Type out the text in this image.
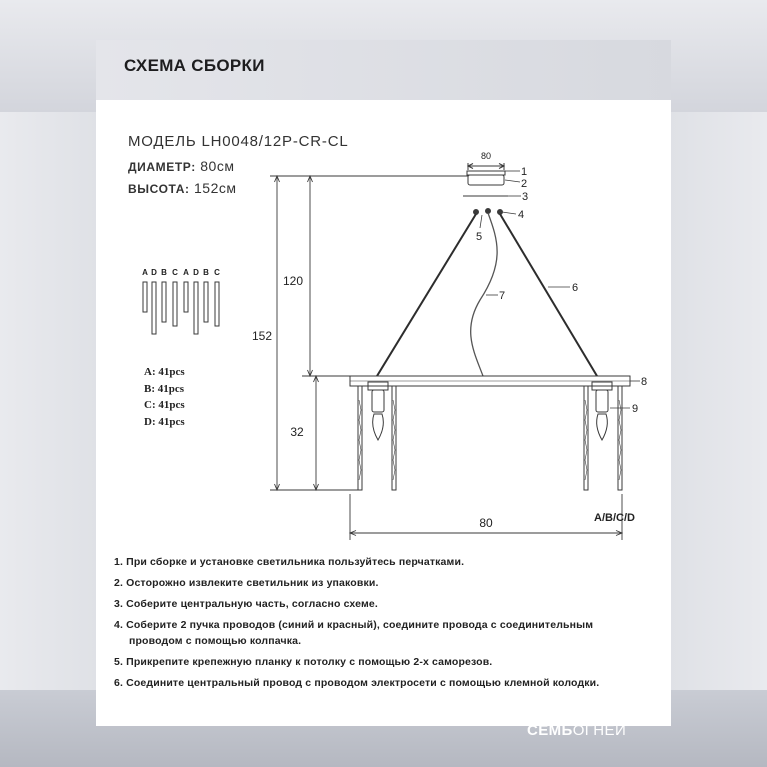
СХЕМА СБОРКИ
МОДЕЛЬ LH0048/12P-CR-CL
ДИАМЕТР: 80см
ВЫСОТА: 152см
A D B C A D B C
80
152
120
32
80
1
2
3
4
5
6
7
8
9
A/B/C/D
A: 41pcs
B: 41pcs
C: 41pcs
D: 41pcs
1. При сборке и установке светильника пользуйтесь перчатками.
2. Осторожно извлеките светильник из упаковки.
3. Соберите центральную часть, согласно схеме.
4. Соберите 2 пучка проводов (синий и красный), соедините провода с соединительным
проводом с помощью колпачка.
5. Прикрепите крепежную планку к потолку с помощью 2-х саморезов.
6. Соедините центральный провод с проводом электросети с помощью клемной колодки.
СЕМЬОГНЕЙ
